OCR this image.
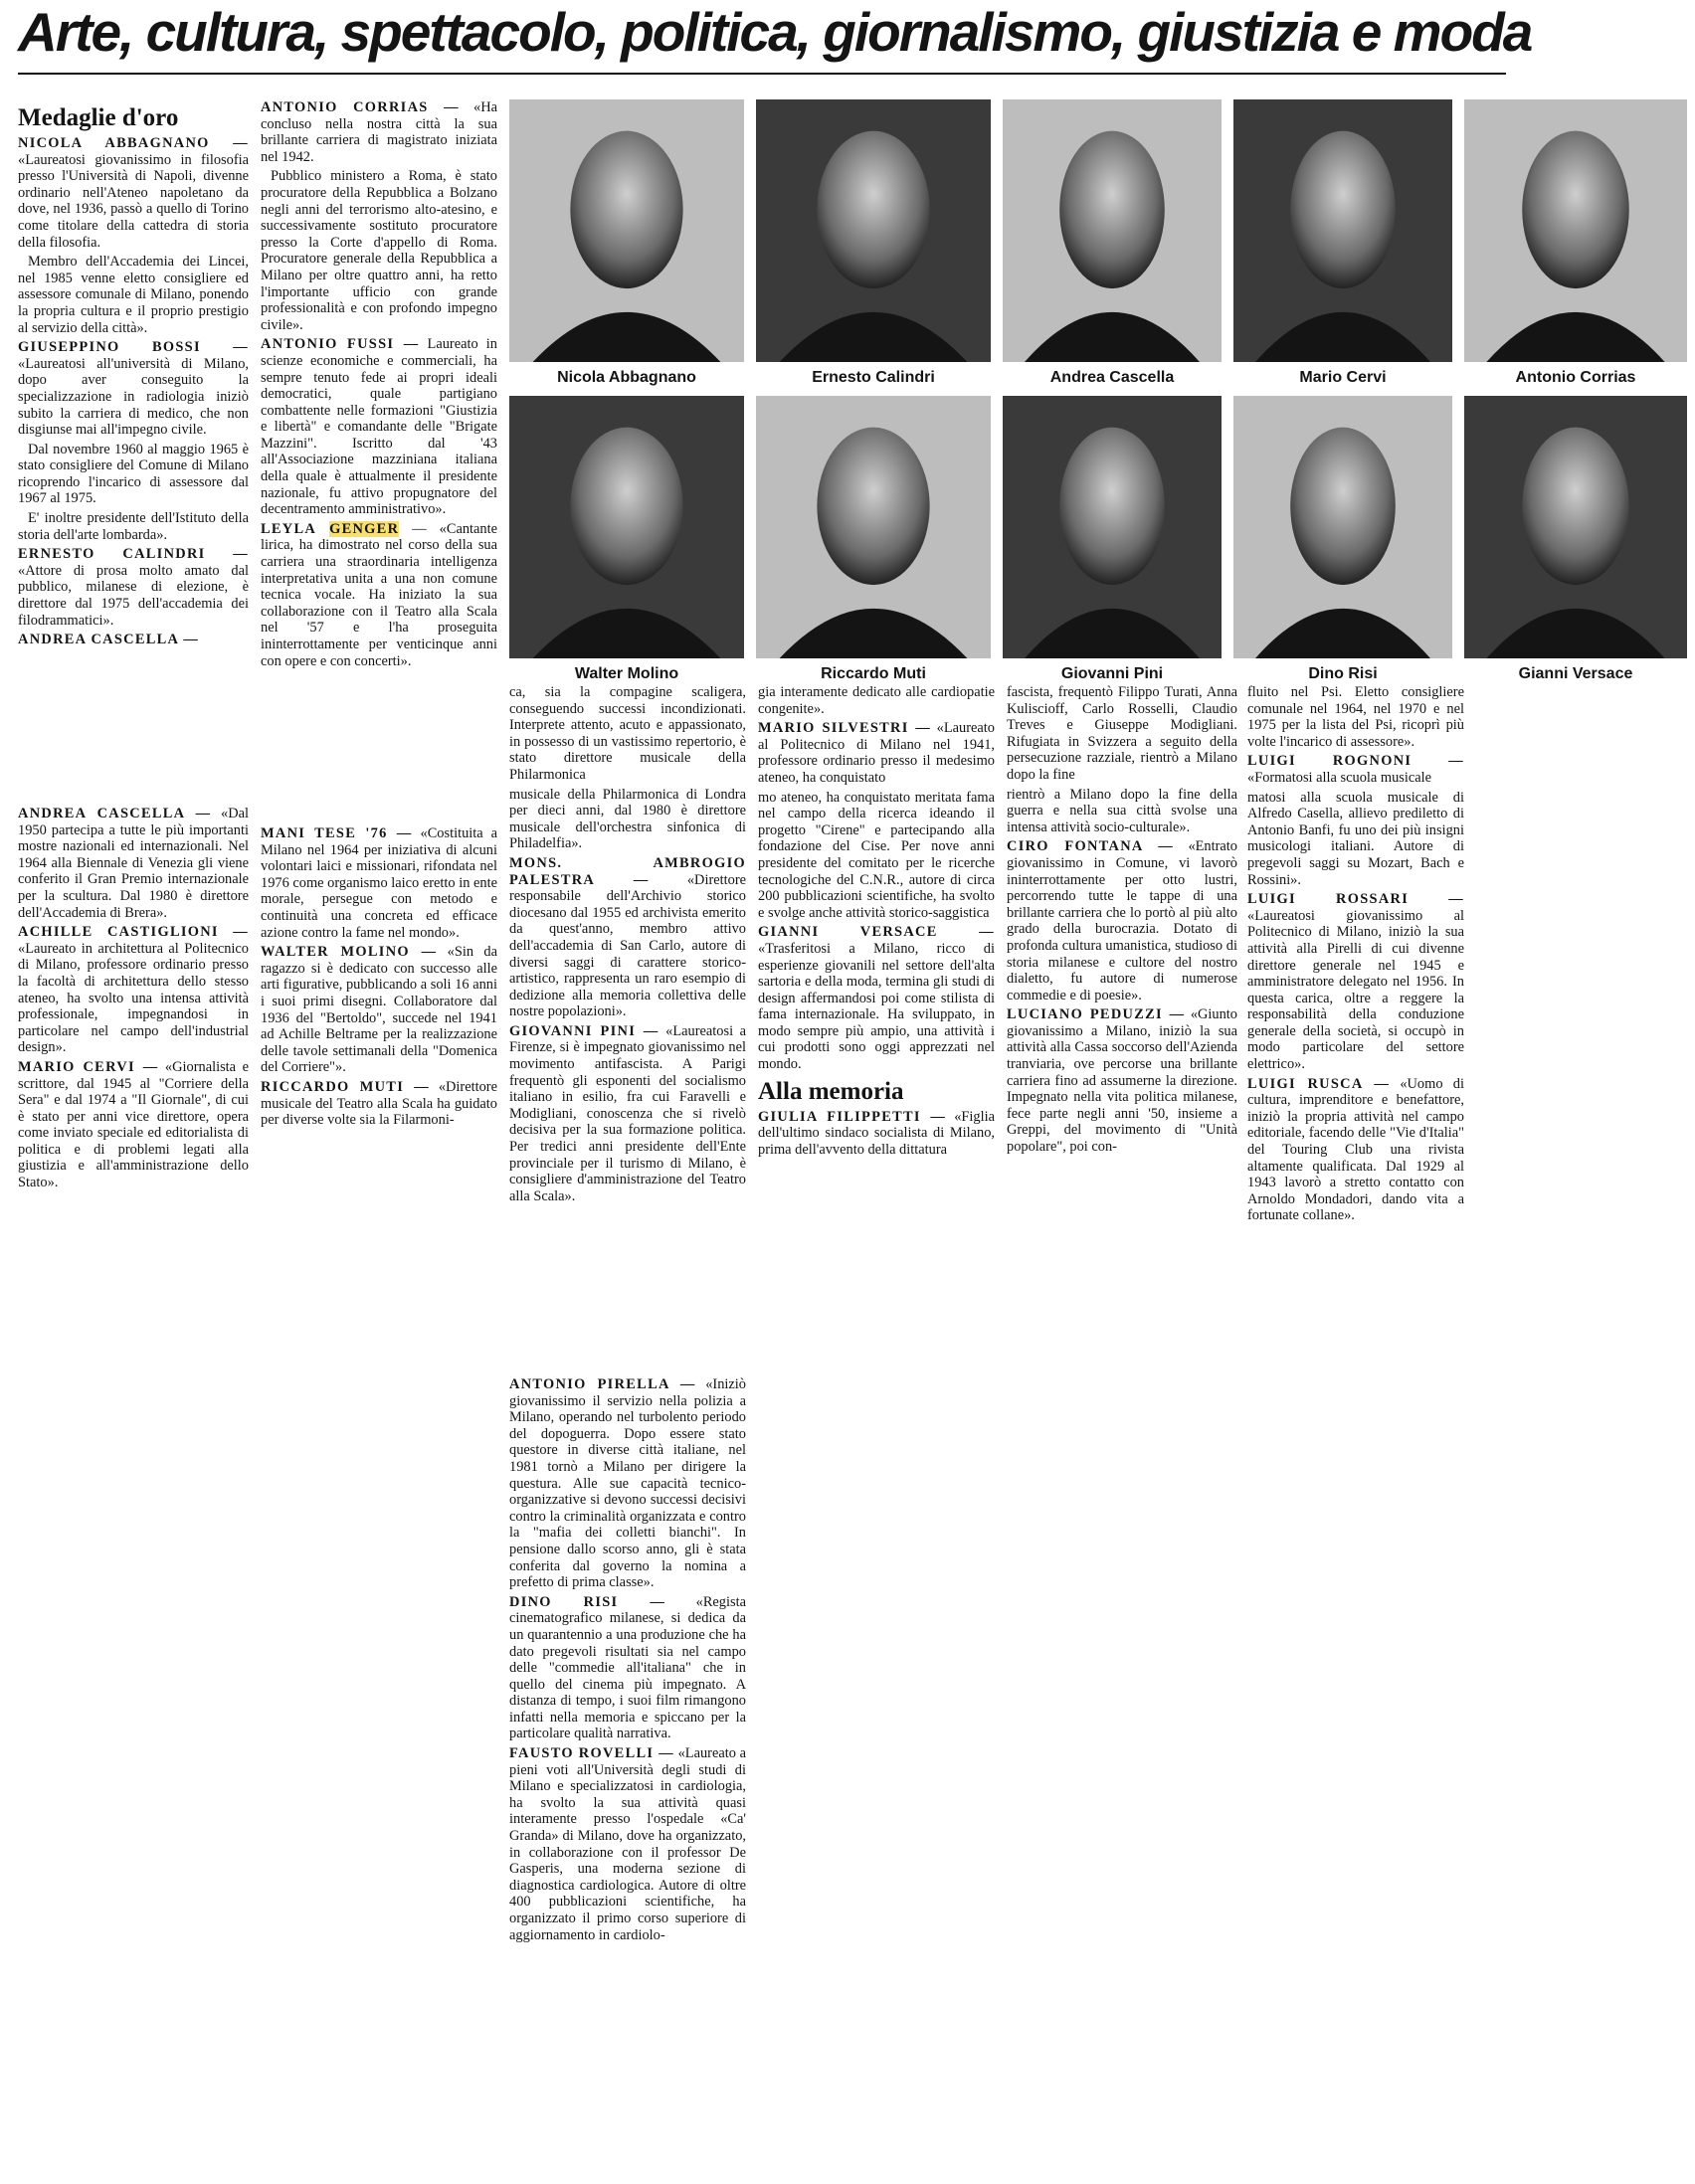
Arte, cultura, spettacolo, politica, giornalismo, giustizia e moda
Nicola Abbagnano	Ernesto Calindri	Andrea Cascella	Mario Cervi	Antonio Corrias
Walter Molino	Riccardo Muti	Giovanni Pini	Dino Risi	Gianni Versace
Medaglie d'oro

NICOLA ABBAGNANO — «Laureatosi giovanissimo in filosofia presso l'Università di Napoli, divenne ordinario nell'Ateneo napoletano da dove, nel 1936, passò a quello di Torino come titolare della cattedra di storia della filosofia.

Membro dell'Accademia dei Lincei, nel 1985 venne eletto consigliere ed assessore comunale di Milano, ponendo la propria cultura e il proprio prestigio al servizio della città».

GIUSEPPINO BOSSI — «Laureatosi all'università di Milano, dopo aver conseguito la specializzazione in radiologia iniziò subito la carriera di medico, che non disgiunse mai all'impegno civile.

Dal novembre 1960 al maggio 1965 è stato consigliere del Comune di Milano ricoprendo l'incarico di assessore dal 1967 al 1975.

E' inoltre presidente dell'Istituto della storia dell'arte lombarda».

ERNESTO CALINDRI — «Attore di prosa molto amato dal pubblico, milanese di elezione, è direttore dal 1975 dell'accademia dei filodrammatici».

ANDREA CASCELLA —

ANDREA CASCELLA — «Dal 1950 partecipa a tutte le più importanti mostre nazionali ed internazionali. Nel 1964 alla Biennale di Venezia gli viene conferito il Gran Premio internazionale per la scultura. Dal 1980 è direttore dell'Accademia di Brera».

ACHILLE CASTIGLIONI — «Laureato in architettura al Politecnico di Milano, professore ordinario presso la facoltà di architettura dello stesso ateneo, ha svolto una intensa attività professionale, impegnandosi in particolare nel campo dell'industrial design».

MARIO CERVI — «Giornalista e scrittore, dal 1945 al "Corriere della Sera" e dal 1974 a "Il Giornale", di cui è stato per anni vice direttore, opera come inviato speciale ed editorialista di politica e di problemi legati alla giustizia e all'amministrazione dello Stato».

ANTONIO CORRIAS — «Ha concluso nella nostra città la sua brillante carriera di magistrato iniziata nel 1942.

Pubblico ministero a Roma, è stato procuratore della Repubblica a Bolzano negli anni del terrorismo alto-atesino, e successivamente sostituto procuratore presso la Corte d'appello di Roma. Procuratore generale della Repubblica a Milano per oltre quattro anni, ha retto l'importante ufficio con grande professionalità e con profondo impegno civile».

ANTONIO FUSSI — Laureato in scienze economiche e commerciali, ha sempre tenuto fede ai propri ideali democratici, quale partigiano combattente nelle formazioni "Giustizia e libertà" e comandante delle "Brigate Mazzini". Iscritto dal '43 all'Associazione mazziniana italiana della quale è attualmente il presidente nazionale, fu attivo propugnatore del decentramento amministrativo».

LEYLA GENGER — «Cantante lirica, ha dimostrato nel corso della sua carriera una straordinaria intelligenza interpretativa unita a una non comune tecnica vocale. Ha iniziato la sua collaborazione con il Teatro alla Scala nel '57 e l'ha proseguita ininterrottamente per venticinque anni con opere e con concerti».

MANI TESE '76 — «Costituita a Milano nel 1964 per iniziativa di alcuni volontari laici e missionari, rifondata nel 1976 come organismo laico eretto in ente morale, persegue con metodo e continuità una concreta ed efficace azione contro la fame nel mondo».

WALTER MOLINO — «Sin da ragazzo si è dedicato con successo alle arti figurative, pubblicando a soli 16 anni i suoi primi disegni. Collaboratore dal 1936 del "Bertoldo", succede nel 1941 ad Achille Beltrame per la realizzazione delle tavole settimanali della "Domenica del Corriere"».

RICCARDO MUTI — «Direttore musicale del Teatro alla Scala ha guidato per diverse volte sia la Filarmoni-

ca, sia la compagine scaligera, conseguendo successi incondizionati. Interprete attento, acuto e appassionato, in possesso di un vastissimo repertorio, è stato direttore musicale della Philarmonica

musicale della Philarmonica di Londra per dieci anni, dal 1980 è direttore musicale dell'orchestra sinfonica di Philadelfia».

MONS. AMBROGIO PALESTRA —	«Direttore responsabile dell'Archivio storico diocesano dal 1955 ed archivista emerito da quest'anno, membro attivo dell'accademia di San Carlo, autore di diversi saggi di carattere storico-artistico, rappresenta un raro esempio di dedizione alla memoria collettiva delle nostre popolazioni».

GIOVANNI PINI — «Laureatosi a Firenze, si è impegnato giovanissimo nel movimento antifascista. A Parigi frequentò gli esponenti del socialismo italiano in esilio, fra cui Faravelli e Modigliani, conoscenza che si rivelò decisiva per la sua formazione politica. Per tredici anni presidente dell'Ente provinciale per il turismo di Milano, è consigliere d'amministrazione del Teatro alla Scala».

ANTONIO PIRELLA — «Iniziò giovanissimo il servizio nella polizia a Milano, operando nel turbolento periodo del dopoguerra. Dopo essere stato questore in diverse città italiane, nel 1981 tornò a Milano per dirigere la questura. Alle sue capacità tecnico-organizzative si devono successi decisivi contro la criminalità organizzata e contro la "mafia dei colletti bianchi". In pensione dallo scorso anno, gli è stata conferita dal governo la nomina a prefetto di prima classe».

DINO RISI — «Regista cinematografico milanese, si dedica da un quarantennio a una produzione che ha dato pregevoli risultati sia nel campo delle "commedie all'italiana" che in quello del cinema più impegnato. A distanza di tempo, i suoi film rimangono infatti nella memoria e spiccano per la particolare qualità narrativa.

FAUSTO ROVELLI — «Laureato a pieni voti all'Università degli studi di Milano e specializzatosi in cardiologia, ha svolto la sua attività quasi interamente presso l'ospedale «Ca' Granda» di Milano, dove ha organizzato, in collaborazione con il professor De Gasperis, una moderna sezione di diagnostica cardiologica. Autore di oltre 400 pubblicazioni scientifiche, ha organizzato il primo corso superiore di aggiornamento in cardiolo-

gia interamente dedicato alle cardiopatie congenite».

MARIO SILVESTRI — «Laureato al Politecnico di Milano nel 1941, professore ordinario presso il medesimo ateneo, ha conquistato

mo ateneo, ha conquistato meritata fama nel campo della ricerca ideando il progetto "Cirene" e partecipando alla fondazione del Cise. Per nove anni presidente del comitato per le ricerche tecnologiche del C.N.R., autore di circa 200 pubblicazioni scientifiche, ha svolto e svolge anche attività storico-saggistica

GIANNI VERSACE — «Trasferitosi a Milano, ricco di esperienze giovanili nel settore dell'alta sartoria e della moda, termina gli studi di design affermandosi poi come stilista di fama internazionale. Ha sviluppato, in modo sempre più ampio, una attività i cui prodotti sono oggi apprezzati nel mondo.

Alla memoria

GIULIA FILIPPETTI — «Figlia dell'ultimo sindaco socialista di Milano, prima dell'avvento della dittatura

fascista, frequentò Filippo Turati, Anna Kuliscioff, Carlo Rosselli, Claudio Treves e Giuseppe Modigliani. Rifugiata in Svizzera a seguito della persecuzione razziale, rientrò a Milano dopo la fine

rientrò a Milano dopo la fine della guerra e nella sua città svolse una intensa attività socio-culturale».

CIRO FONTANA — «Entrato giovanissimo in Comune, vi lavorò ininterrottamente per otto lustri, percorrendo tutte le tappe di una brillante carriera che lo portò al più alto grado della burocrazia. Dotato di profonda cultura umanistica, studioso di storia milanese e cultore del nostro dialetto, fu autore di numerose commedie e di poesie».

LUCIANO PEDUZZI — «Giunto giovanissimo a Milano, iniziò la sua attività alla Cassa soccorso dell'Azienda tranviaria, ove percorse una brillante carriera fino ad assumerne la direzione. Impegnato nella vita politica milanese, fece parte negli anni '50, insieme a Greppi, del movimento di "Unità popolare", poi con-

fluito nel Psi. Eletto consigliere comunale nel 1964, nel 1970 e nel 1975 per la lista del Psi, ricoprì più volte l'incarico di assessore».

LUIGI ROGNONI — «Formatosi alla scuola musicale

matosi alla scuola musicale di Alfredo Casella, allievo prediletto di Antonio Banfi, fu uno dei più insigni musicologi italiani. Autore di pregevoli saggi su Mozart, Bach e Rossini».

LUIGI ROSSARI — «Laureatosi giovanissimo al Politecnico di Milano, iniziò la sua attività alla Pirelli di cui divenne direttore generale nel 1945 e amministratore delegato nel 1956. In questa carica, oltre a reggere la responsabilità della conduzione generale della società, si occupò in modo particolare del settore elettrico».

LUIGI RUSCA — «Uomo di cultura, imprenditore e benefattore, iniziò la propria attività nel campo editoriale, facendo delle "Vie d'Italia" del Touring Club una rivista altamente qualificata. Dal 1929 al 1943 lavorò a stretto contatto con Arnoldo Mondadori, dando vita a fortunate collane».
